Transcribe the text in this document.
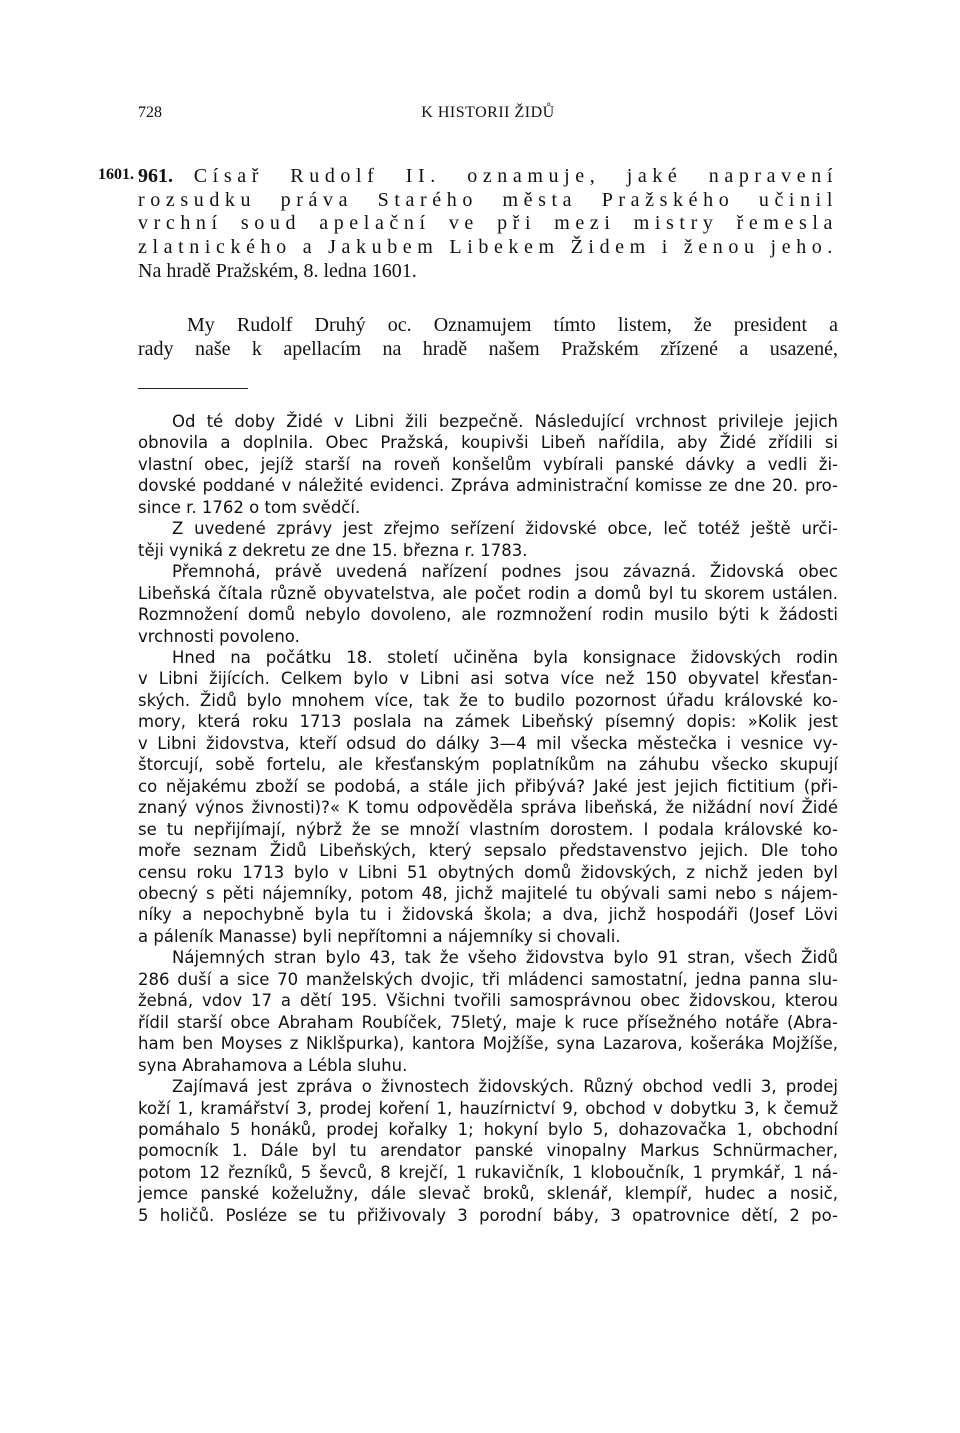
728	K HISTORII ŽIDŮ
1601. 961. Císař Rudolf II. oznamuje, jaké napravení
rozsudku práva Starého města Pražského učinil
vrchní soud apelační ve při mezi mistry řemesla
zlatnického a Jakubem Libekem Židem i ženou jeho.
Na hradě Pražském, 8. ledna 1601.
My Rudolf Druhý oc. Oznamujem tímto listem, že president a
rady naše k apellacím na hradě našem Pražském zřízené a usazené,
Od té doby Židé v Libni žili bezpečně. Následující vrchnost privileje jejich
obnovila a doplnila. Obec Pražská, koupivši Libeň nařídila, aby Židé zřídili si
vlastní obec, jejíž starší na roveň konšelům vybírali panské dávky a vedli ži-
dovské poddané v náležité evidenci. Zpráva administrační komisse ze dne 20. pro-
since r. 1762 o tom svědčí.
Z uvedené zprávy jest zřejmo seřízení židovské obce, leč totéž ještě urči-
těji vyniká z dekretu ze dne 15. března r. 1783.
Přemnohá, právě uvedená nařízení podnes jsou závazná. Židovská obec
Libeňská čítala různě obyvatelstva, ale počet rodin a domů byl tu skorem ustálen.
Rozmnožení domů nebylo dovoleno, ale rozmnožení rodin musilo býti k žádosti
vrchnosti povoleno.
Hned na počátku 18. století učiněna byla konsignace židovských rodin
v Libni žijících. Celkem bylo v Libni asi sotva více než 150 obyvatel křesťan-
ských. Židů bylo mnohem více, tak že to budilo pozornost úřadu královské ko-
mory, která roku 1713 poslala na zámek Libeňský písemný dopis: »Kolik jest
v Libni židovstva, kteří odsud do dálky 3—4 mil všecka městečka i vesnice vy-
štorcují, sobě fortelu, ale křesťanským poplatníkům na záhubu všecko skupují
co nějakému zboží se podobá, a stále jich přibývá? Jaké jest jejich fictitium (při-
znaný výnos živnosti)?« K tomu odpověděla správa libeňská, že nižádní noví Židé
se tu nepřijímají, nýbrž že se množí vlastním dorostem. I podala královské ko-
moře seznam Židů Libeňských, který sepsalo představenstvo jejich. Dle toho
censu roku 1713 bylo v Libni 51 obytných domů židovských, z nichž jeden byl
obecný s pěti nájemníky, potom 48, jichž majitelé tu obývali sami nebo s nájem-
níky a nepochybně byla tu i židovská škola; a dva, jichž hospodáři (Josef Lövi
a páleník Manasse) byli nepřítomni a nájemníky si chovali.
Nájemných stran bylo 43, tak že všeho židovstva bylo 91 stran, všech Židů
286 duší a sice 70 manželských dvojic, tři mládenci samostatní, jedna panna slu-
žebná, vdov 17 a dětí 195. Všichni tvořili samosprávnou obec židovskou, kterou
řídil starší obce Abraham Roubíček, 75letý, maje k ruce přísežného notáře (Abra-
ham ben Moyses z Niklšpurka), kantora Mojžíše, syna Lazarova, košeráka Mojžíše,
syna Abrahamova a Lébla sluhu.
Zajímavá jest zpráva o živnostech židovských. Různý obchod vedli 3, prodej
koží 1, kramářství 3, prodej koření 1, hauzírnictví 9, obchod v dobytku 3, k čemuž
pomáhalo 5 honáků, prodej kořalky 1; hokyní bylo 5, dohazovačka 1, obchodní
pomocník 1. Dále byl tu arendator panské vinopalny Markus Schnürmacher,
potom 12 řezníků, 5 ševců, 8 krejčí, 1 rukavičník, 1 kloboučník, 1 prymkář, 1 ná-
jemce panské koželužny, dále slevač broků, sklenář, klempíř, hudec a nosič,
5 holičů. Posléze se tu přiživovaly 3 porodní báby, 3 opatrovnice dětí, 2 po-
